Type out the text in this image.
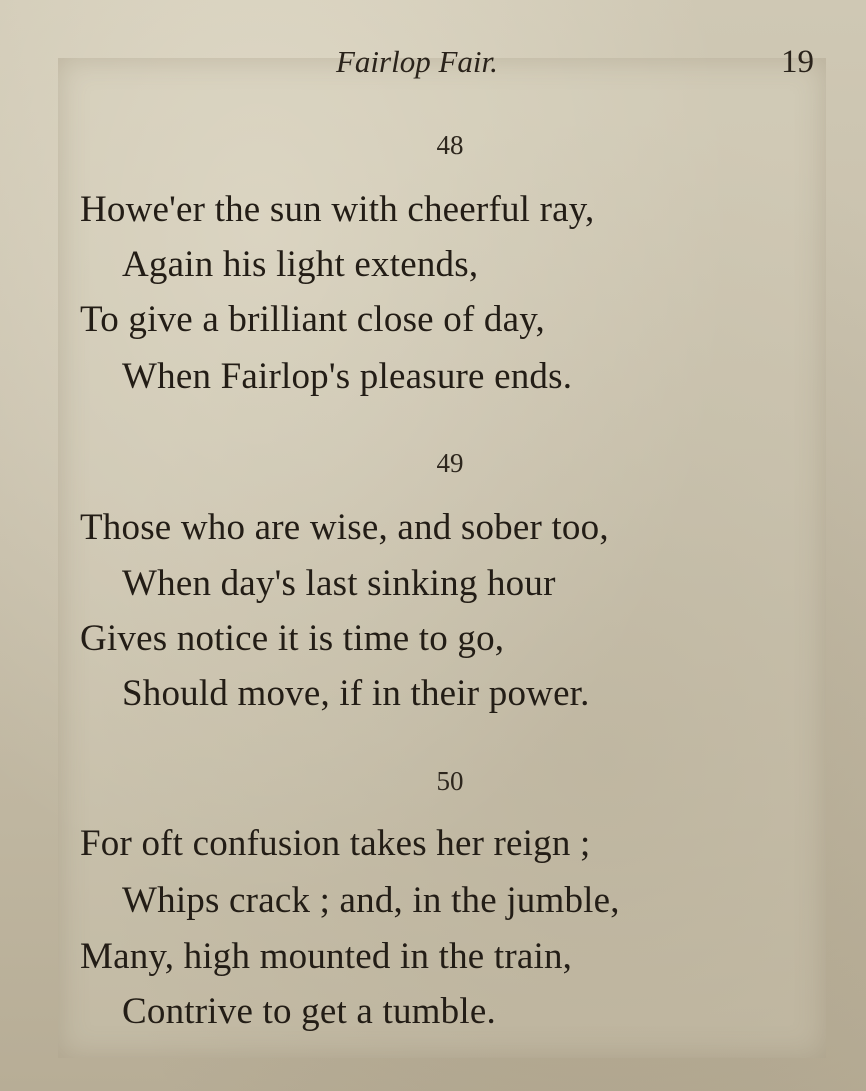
Fairlop Fair.	19
48
Howe'er the sun with cheerful ray,
Again his light extends,
To give a brilliant close of day,
When Fairlop's pleasure ends.
49
Those who are wise, and sober too,
When day's last sinking hour
Gives notice it is time to go,
Should move, if in their power.
50
For oft confusion takes her reign ;
Whips crack ; and, in the jumble,
Many, high mounted in the train,
Contrive to get a tumble.
